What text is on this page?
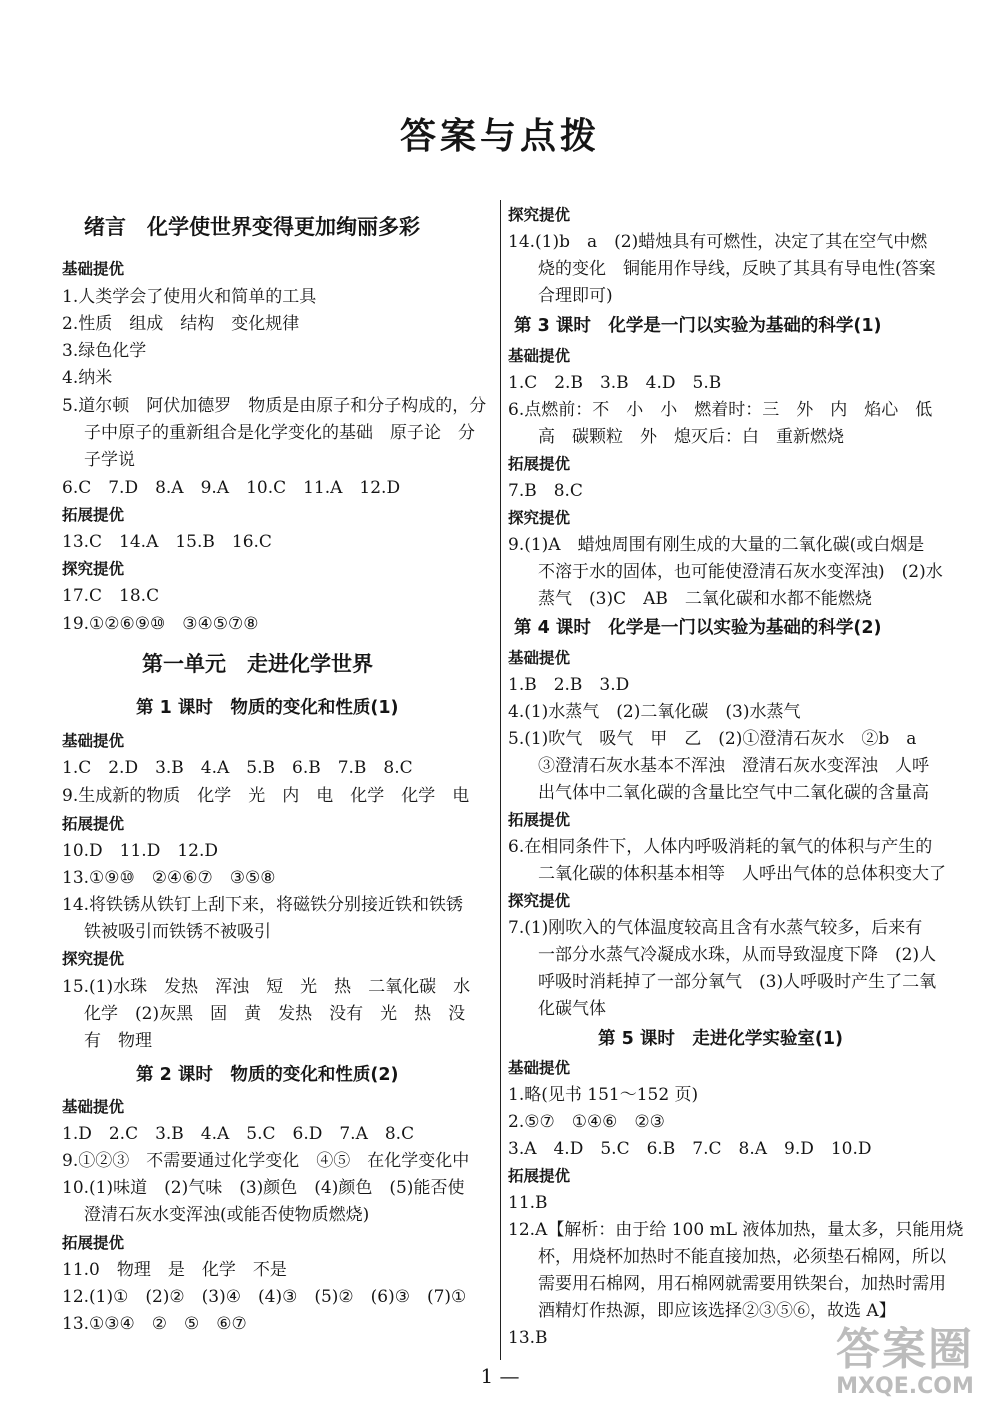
答案与点拨
绪言　化学使世界变得更加绚丽多彩
基础提优
1.人类学会了使用火和简单的工具
2.性质　组成　结构　变化规律
3.绿色化学
4.纳米
5.道尔顿　阿伏加德罗　物质是由原子和分子构成的，分
子中原子的重新组合是化学变化的基础　原子论　分
子学说
6.C　7.D　8.A　9.A　10.C　11.A　12.D
拓展提优
13.C　14.A　15.B　16.C
探究提优
17.C　18.C
19.①②⑥⑨⑩　③④⑤⑦⑧
第一单元　走进化学世界
第 1 课时　物质的变化和性质(1)
基础提优
1.C　2.D　3.B　4.A　5.B　6.B　7.B　8.C
9.生成新的物质　化学　光　内　电　化学　化学　电
拓展提优
10.D　11.D　12.D
13.①⑨⑩　②④⑥⑦　③⑤⑧
14.将铁锈从铁钉上刮下来，将磁铁分别接近铁和铁锈
铁被吸引而铁锈不被吸引
探究提优
15.(1)水珠　发热　浑浊　短　光　热　二氧化碳　水
化学　(2)灰黑　固　黄　发热　没有　光　热　没
有　物理
第 2 课时　物质的变化和性质(2)
基础提优
1.D　2.C　3.B　4.A　5.C　6.D　7.A　8.C
9.①②③　不需要通过化学变化　④⑤　在化学变化中
10.(1)味道　(2)气味　(3)颜色　(4)颜色　(5)能否使
澄清石灰水变浑浊(或能否使物质燃烧)
拓展提优
11.0　物理　是　化学　不是
12.(1)①　(2)②　(3)④　(4)③　(5)②　(6)③　(7)①
13.①③④　②　⑤　⑥⑦
探究提优
14.(1)b　a　(2)蜡烛具有可燃性，决定了其在空气中燃
烧的变化　铜能用作导线，反映了其具有导电性(答案
合理即可)
第 3 课时　化学是一门以实验为基础的科学(1)
基础提优
1.C　2.B　3.B　4.D　5.B
6.点燃前：不　小　小　燃着时：三　外　内　焰心　低
高　碳颗粒　外　熄灭后：白　重新燃烧
拓展提优
7.B　8.C
探究提优
9.(1)A　蜡烛周围有刚生成的大量的二氧化碳(或白烟是
不溶于水的固体，也可能使澄清石灰水变浑浊)　(2)水
蒸气　(3)C　AB　二氧化碳和水都不能燃烧
第 4 课时　化学是一门以实验为基础的科学(2)
基础提优
1.B　2.B　3.D
4.(1)水蒸气　(2)二氧化碳　(3)水蒸气
5.(1)吹气　吸气　甲　乙　(2)①澄清石灰水　②b　a
③澄清石灰水基本不浑浊　澄清石灰水变浑浊　人呼
出气体中二氧化碳的含量比空气中二氧化碳的含量高
拓展提优
6.在相同条件下，人体内呼吸消耗的氧气的体积与产生的
二氧化碳的体积基本相等　人呼出气体的总体积变大了
探究提优
7.(1)刚吹入的气体温度较高且含有水蒸气较多，后来有
一部分水蒸气冷凝成水珠，从而导致湿度下降　(2)人
呼吸时消耗掉了一部分氧气　(3)人呼吸时产生了二氧
化碳气体
第 5 课时　走进化学实验室(1)
基础提优
1.略(见书 151～152 页)
2.⑤⑦　①④⑥　②③
3.A　4.D　5.C　6.B　7.C　8.A　9.D　10.D
拓展提优
11.B
12.A【解析：由于给 100 mL 液体加热，量太多，只能用烧
杯，用烧杯加热时不能直接加热，必须垫石棉网，所以
需要用石棉网，用石棉网就需要用铁架台，加热时需用
酒精灯作热源，即应该选择②③⑤⑥，故选 A】
13.B
1 —
答案圈
MXQE.COM
